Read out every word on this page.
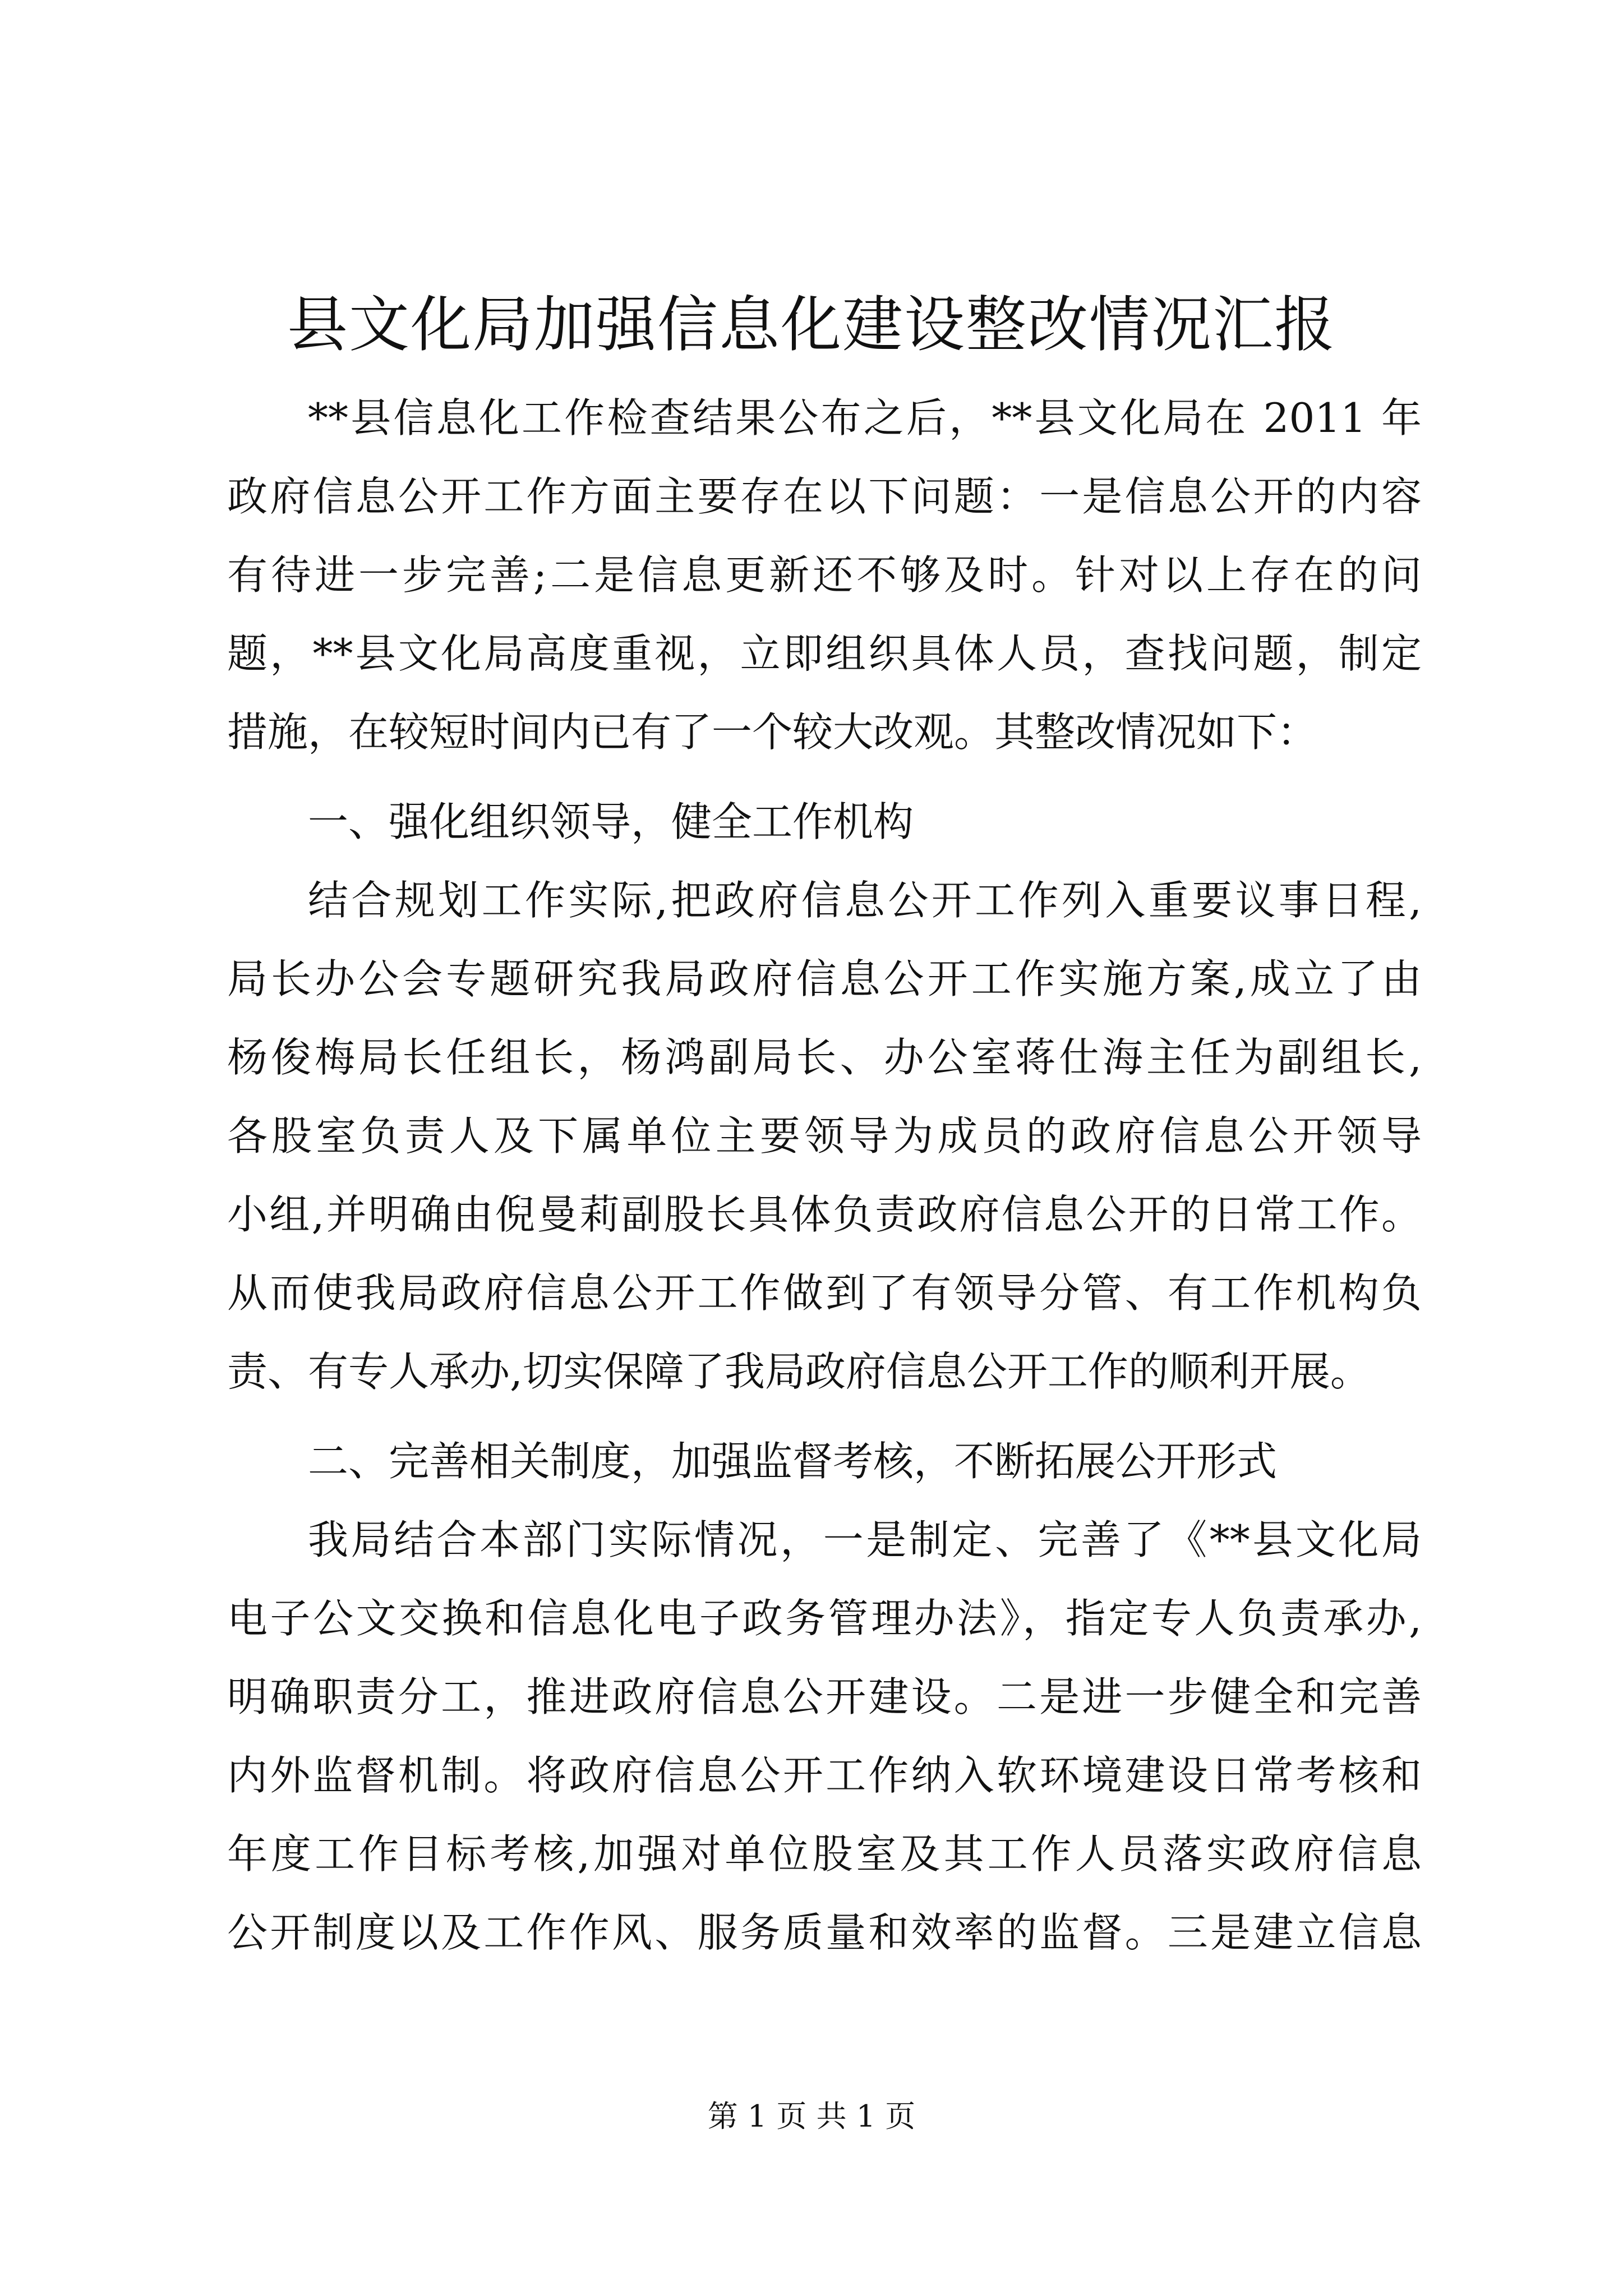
县文化局加强信息化建设整改情况汇报
**县信息化工作检查结果公布之后，**县文化局在 2011 年
政府信息公开工作方面主要存在以下问题：一是信息公开的内容
有待进一步完善;二是信息更新还不够及时。针对以上存在的问
题，**县文化局高度重视，立即组织具体人员，查找问题，制定
措施，在较短时间内已有了一个较大改观。其整改情况如下：
一、强化组织领导，健全工作机构
结合规划工作实际,把政府信息公开工作列入重要议事日程,
局长办公会专题研究我局政府信息公开工作实施方案,成立了由
杨俊梅局长任组长，杨鸿副局长、办公室蒋仕海主任为副组长,
各股室负责人及下属单位主要领导为成员的政府信息公开领导
小组,并明确由倪曼莉副股长具体负责政府信息公开的日常工作。
从而使我局政府信息公开工作做到了有领导分管、有工作机构负
责、有专人承办,切实保障了我局政府信息公开工作的顺利开展。
二、完善相关制度，加强监督考核，不断拓展公开形式
我局结合本部门实际情况，一是制定、完善了《**县文化局
电子公文交换和信息化电子政务管理办法》，指定专人负责承办,
明确职责分工，推进政府信息公开建设。二是进一步健全和完善
内外监督机制。将政府信息公开工作纳入软环境建设日常考核和
年度工作目标考核,加强对单位股室及其工作人员落实政府信息
公开制度以及工作作风、服务质量和效率的监督。三是建立信息
第 1 页 共 1 页
